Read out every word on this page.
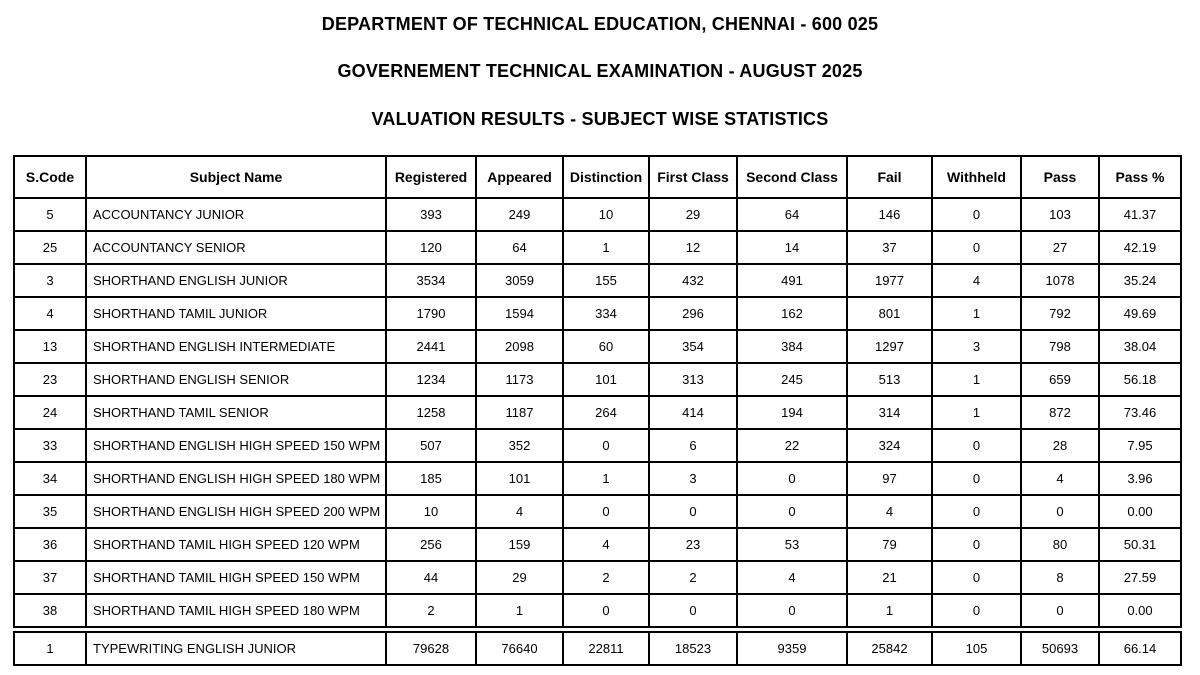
DEPARTMENT OF TECHNICAL EDUCATION, CHENNAI - 600 025
GOVERNEMENT TECHNICAL EXAMINATION - AUGUST 2025
VALUATION RESULTS - SUBJECT WISE STATISTICS
S.Code	Subject Name	Registered	Appeared	Distinction	First Class	Second Class	Fail	Withheld	Pass	Pass %
5	ACCOUNTANCY JUNIOR	393	249	10	29	64	146	0	103	41.37
25	ACCOUNTANCY SENIOR	120	64	1	12	14	37	0	27	42.19
3	SHORTHAND ENGLISH JUNIOR	3534	3059	155	432	491	1977	4	1078	35.24
4	SHORTHAND TAMIL JUNIOR	1790	1594	334	296	162	801	1	792	49.69
13	SHORTHAND ENGLISH INTERMEDIATE	2441	2098	60	354	384	1297	3	798	38.04
23	SHORTHAND ENGLISH SENIOR	1234	1173	101	313	245	513	1	659	56.18
24	SHORTHAND TAMIL SENIOR	1258	1187	264	414	194	314	1	872	73.46
33	SHORTHAND ENGLISH HIGH SPEED 150 WPM	507	352	0	6	22	324	0	28	7.95
34	SHORTHAND ENGLISH HIGH SPEED 180 WPM	185	101	1	3	0	97	0	4	3.96
35	SHORTHAND ENGLISH HIGH SPEED 200 WPM	10	4	0	0	0	4	0	0	0.00
36	SHORTHAND TAMIL HIGH SPEED 120 WPM	256	159	4	23	53	79	0	80	50.31
37	SHORTHAND TAMIL HIGH SPEED 150 WPM	44	29	2	2	4	21	0	8	27.59
38	SHORTHAND TAMIL HIGH SPEED 180 WPM	2	1	0	0	0	1	0	0	0.00
1	TYPEWRITING ENGLISH JUNIOR	79628	76640	22811	18523	9359	25842	105	50693	66.14
